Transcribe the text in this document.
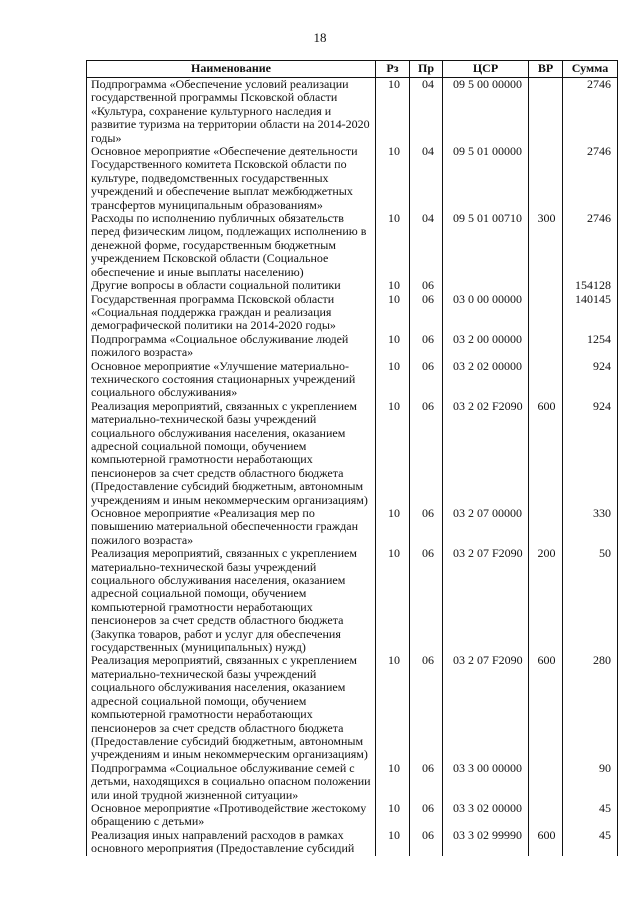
18
Наименование	Рз	Пр	ЦСР	ВР	Сумма
Подпрограмма «Обеспечение условий реализации государственной программы Псковской области «Культура, сохранение культурного наследия и развитие туризма на территории области на 2014-2020 годы»	10	04	09 5 00 00000		2746
Основное мероприятие «Обеспечение деятельности Государственного комитета Псковской области по культуре, подведомственных государственных учреждений и обеспечение выплат межбюджетных трансфертов муниципальным образованиям»	10	04	09 5 01 00000		2746
Расходы по исполнению публичных обязательств перед физическим лицом, подлежащих исполнению в денежной форме, государственным бюджетным учреждением Псковской области (Социальное обеспечение и иные выплаты населению)	10	04	09 5 01 00710	300	2746
Другие вопросы в области социальной политики	10	06			154128
Государственная программа Псковской области «Социальная поддержка граждан и реализация демографической политики на 2014-2020 годы»	10	06	03 0 00 00000		140145
Подпрограмма «Социальное обслуживание людей пожилого возраста»	10	06	03 2 00 00000		1254
Основное мероприятие «Улучшение материально-технического состояния стационарных учреждений социального обслуживания»	10	06	03 2 02 00000		924
Реализация мероприятий, связанных с укреплением материально-технической базы учреждений социального обслуживания населения, оказанием адресной социальной помощи, обучением компьютерной грамотности неработающих пенсионеров за счет средств областного бюджета (Предоставление субсидий бюджетным, автономным учреждениям и иным некоммерческим организациям)	10	06	03 2 02 F2090	600	924
Основное мероприятие «Реализация мер по повышению материальной обеспеченности граждан пожилого возраста»	10	06	03 2 07 00000		330
Реализация мероприятий, связанных с укреплением материально-технической базы учреждений социального обслуживания населения, оказанием адресной социальной помощи, обучением компьютерной грамотности неработающих пенсионеров за счет средств областного бюджета (Закупка товаров, работ и услуг для обеспечения государственных (муниципальных) нужд)	10	06	03 2 07 F2090	200	50
Реализация мероприятий, связанных с укреплением материально-технической базы учреждений социального обслуживания населения, оказанием адресной социальной помощи, обучением компьютерной грамотности неработающих пенсионеров за счет средств областного бюджета (Предоставление субсидий бюджетным, автономным учреждениям и иным некоммерческим организациям)	10	06	03 2 07 F2090	600	280
Подпрограмма «Социальное обслуживание семей с детьми, находящихся в социально опасном положении или иной трудной жизненной ситуации»	10	06	03 3 00 00000		90
Основное мероприятие «Противодействие жестокому обращению с детьми»	10	06	03 3 02 00000		45
Реализация иных направлений расходов в рамках основного мероприятия (Предоставление субсидий	10	06	03 3 02 99990	600	45
